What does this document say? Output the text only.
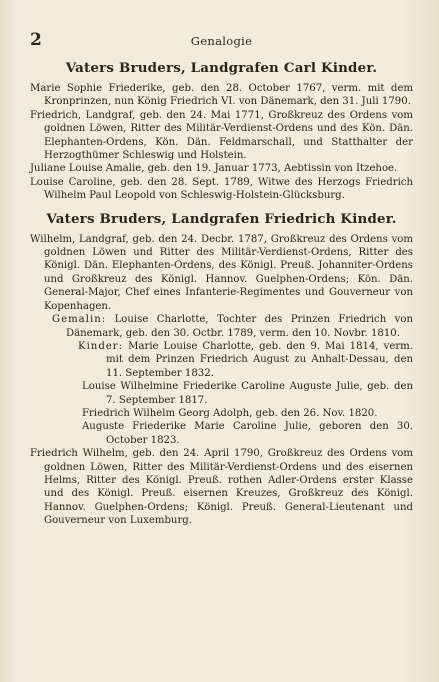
2	Genalogie
Vaters Bruders, Landgrafen Carl Kinder.

Marie Sophie Friederike, geb. den 28. October 1767, verm. mit dem Kronprinzen, nun König Friedrich VI. von Dänemark, den 31. Juli 1790.

Friedrich, Landgraf, geb. den 24. Mai 1771, Großkreuz des Ordens vom goldnen Löwen, Ritter des Militär-Verdienst-Ordens und des Kön. Dän. Elephanten-Ordens, Kön. Dän. Feldmarschall, und Statthalter der Herzogthümer Schleswig und Holstein.

Juliane Louise Amalie, geb. den 19. Januar 1773, Aebtissin von Itzehoe.

Louise Caroline, geb. den 28. Sept. 1789, Witwe des Herzogs Friedrich Wilhelm Paul Leopold von Schleswig-Holstein-Glücksburg.

Vaters Bruders, Landgrafen Friedrich Kinder.

Wilhelm, Landgraf, geb. den 24. Decbr. 1787, Großkreuz des Ordens vom goldnen Löwen und Ritter des Militär-Verdienst-Ordens, Ritter des Königl. Dän. Elephanten-Ordens, des Königl. Preuß. Johanniter-Ordens und Großkreuz des Königl. Hannov. Guelphen-Ordens; Kön. Dän. General-Major, Chef eines Infanterie-Regimentes und Gouverneur von Kopenhagen.

Gemalin: Louise Charlotte, Tochter des Prinzen Friedrich von Dänemark, geb. den 30. Octbr. 1789, verm. den 10. Novbr. 1810.

Kinder: Marie Louise Charlotte, geb. den 9. Mai 1814, verm. mit dem Prinzen Friedrich August zu Anhalt-Dessau, den 11. September 1832.

Louise Wilhelmine Friederike Caroline Auguste Julie, geb. den 7. September 1817.

Friedrich Wilhelm Georg Adolph, geb. den 26. Nov. 1820.

Auguste Friederike Marie Caroline Julie, geboren den 30. October 1823.

Friedrich Wilhelm, geb. den 24. April 1790, Großkreuz des Ordens vom goldnen Löwen, Ritter des Militär-Verdienst-Ordens und des eisernen Helms, Ritter des Königl. Preuß. rothen Adler-Ordens erster Klasse und des Königl. Preuß. eisernen Kreuzes, Großkreuz des Königl. Hannov. Guelphen-Ordens; Königl. Preuß. General-Lieutenant und Gouverneur von Luxemburg.
